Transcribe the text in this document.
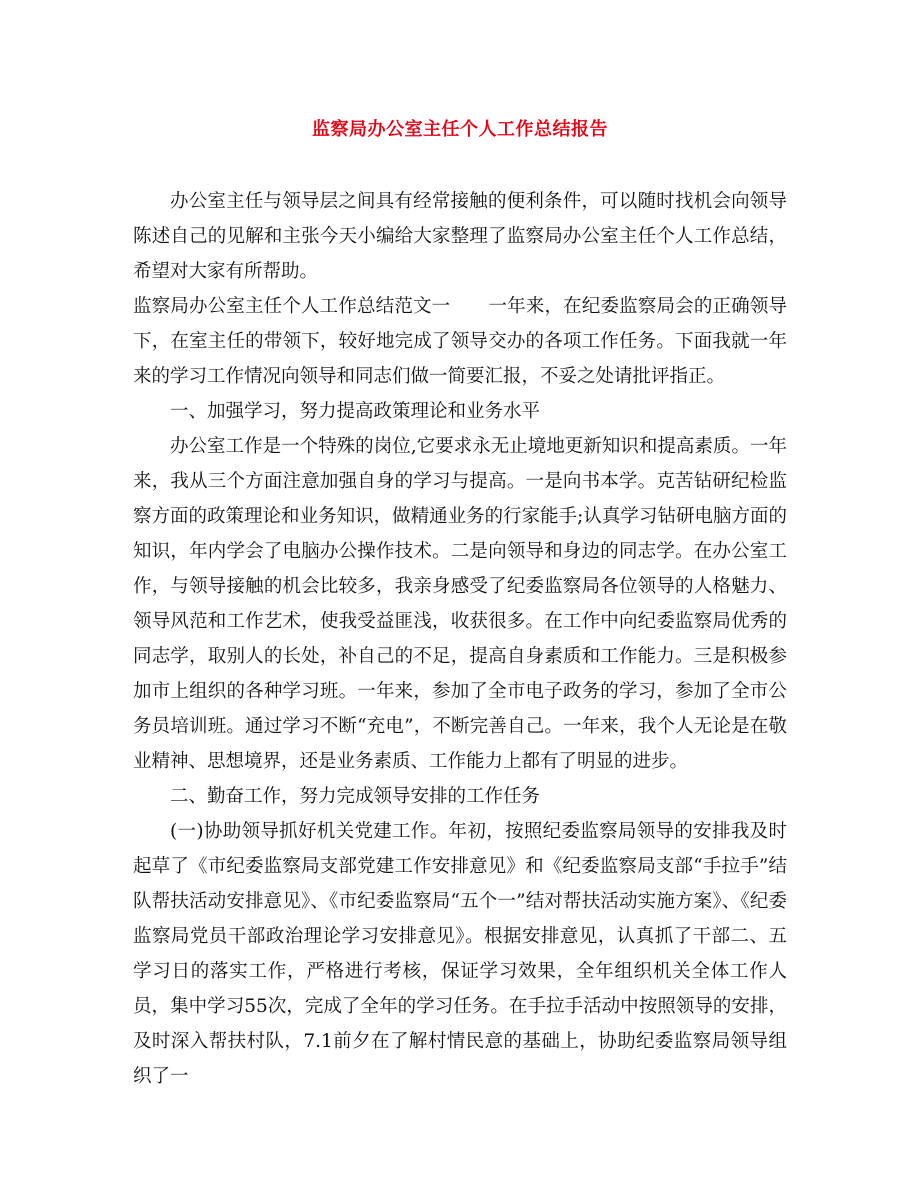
监察局办公室主任个人工作总结报告

办公室主任与领导层之间具有经常接触的便利条件，可以随时找机会向领导陈述自己的见解和主张今天小编给大家整理了监察局办公室主任个人工作总结，希望对大家有所帮助。

监察局办公室主任个人工作总结范文一 一年来，在纪委监察局会的正确领导下，在室主任的带领下，较好地完成了领导交办的各项工作任务。下面我就一年来的学习工作情况向领导和同志们做一简要汇报，不妥之处请批评指正。

一、加强学习，努力提高政策理论和业务水平

办公室工作是一个特殊的岗位,它要求永无止境地更新知识和提高素质。一年来，我从三个方面注意加强自身的学习与提高。一是向书本学。克苦钻研纪检监察方面的政策理论和业务知识，做精通业务的行家能手;认真学习钻研电脑方面的知识，年内学会了电脑办公操作技术。二是向领导和身边的同志学。在办公室工作，与领导接触的机会比较多，我亲身感受了纪委监察局各位领导的人格魅力、领导风范和工作艺术，使我受益匪浅，收获很多。在工作中向纪委监察局优秀的同志学，取别人的长处，补自己的不足，提高自身素质和工作能力。三是积极参加市上组织的各种学习班。一年来，参加了全市电子政务的学习，参加了全市公务员培训班。通过学习不断“充电”，不断完善自己。一年来，我个人无论是在敬业精神、思想境界，还是业务素质、工作能力上都有了明显的进步。

二、勤奋工作，努力完成领导安排的工作任务

(一)协助领导抓好机关党建工作。年初，按照纪委监察局领导的安排我及时起草了《市纪委监察局支部党建工作安排意见》和《纪委监察局支部“手拉手”结队帮扶活动安排意见》、《市纪委监察局“五个一”结对帮扶活动实施方案》、《纪委监察局党员干部政治理论学习安排意见》。根据安排意见，认真抓了干部二、五学习日的落实工作，严格进行考核，保证学习效果，全年组织机关全体工作人员，集中学习55次，完成了全年的学习任务。在手拉手活动中按照领导的安排，及时深入帮扶村队，7.1前夕在了解村情民意的基础上，协助纪委监察局领导组织了一
